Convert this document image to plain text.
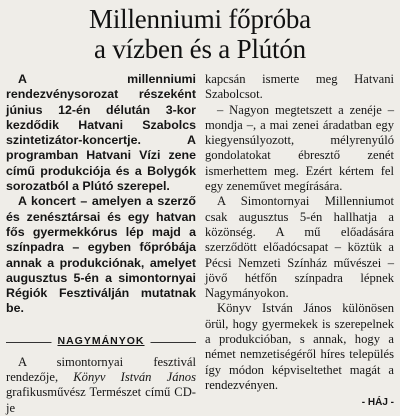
Millenniumi főpróba
a vízben és a Plútón

A millenniumi rendezvénysorozat részeként június 12-én délután 3-kor kezdődik Hatvani Szabolcs szintetizátor-koncertje. A programban Hatvani Vízi zene című produkciója és a Bolygók sorozatból a Plútó szerepel.

A koncert – amelyen a szerző és zenésztársai és egy hatvan fős gyermekkórus lép majd a színpadra – egyben főpróbája annak a produkciónak, amelyet augusztus 5-én a simontornyai Régiók Fesztiválján mutatnak be.

NAGYMÁNYOK

A simontornyai fesztivál rendezője, Könyv István János grafikusművész Természet című CD-je

kapcsán ismerte meg Hatvani Szabolcsot.

– Nagyon megtetszett a zenéje – mondja –, a mai zenei áradatban egy kiegyensúlyozott, mélyrenyúló gondolatokat ébresztő zenét ismerhettem meg. Ezért kértem fel egy zeneművet megírására.

A Simontornyai Millenniumot csak augusztus 5-én hallhatja a közönség. A mű előadására szerződött előadócsapat – köztük a Pécsi Nemzeti Színház művészei – jövő hétfőn színpadra lépnek Nagymányokon.

Könyv István János különösen örül, hogy gyermekek is szerepelnek a produkcióban, s annak, hogy a német nemzetiségéről híres település így módon képviseltethet magát a rendezvényen.

- HÁJ -
